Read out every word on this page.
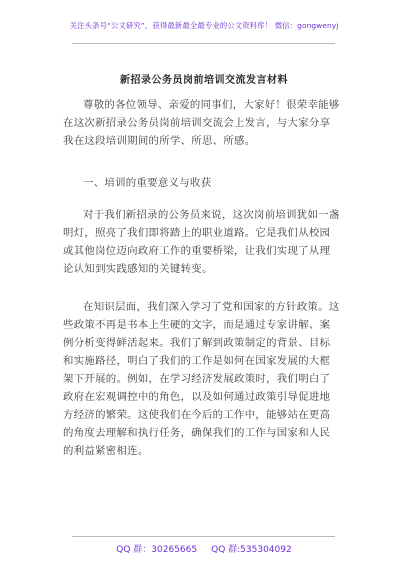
关注头条号“公文研究”，获得最新最全最专业的公文资料库！ 微信：gongwenyj
新招录公务员岗前培训交流发言材料
尊敬的各位领导、亲爱的同事们，大家好！很荣幸能够
在这次新招录公务员岗前培训交流会上发言，与大家分享
我在这段培训期间的所学、所思、所感。
一、培训的重要意义与收获
对于我们新招录的公务员来说，这次岗前培训犹如一盏
明灯，照亮了我们即将踏上的职业道路。它是我们从校园
或其他岗位迈向政府工作的重要桥梁，让我们实现了从理
论认知到实践感知的关键转变。
在知识层面，我们深入学习了党和国家的方针政策。这
些政策不再是书本上生硬的文字，而是通过专家讲解、案
例分析变得鲜活起来。我们了解到政策制定的背景、目标
和实施路径，明白了我们的工作是如何在国家发展的大框
架下开展的。例如，在学习经济发展政策时，我们明白了
政府在宏观调控中的角色，以及如何通过政策引导促进地
方经济的繁荣。这使我们在今后的工作中，能够站在更高
的角度去理解和执行任务，确保我们的工作与国家和人民
的利益紧密相连。
QQ 群：30265665 QQ 群:535304092
